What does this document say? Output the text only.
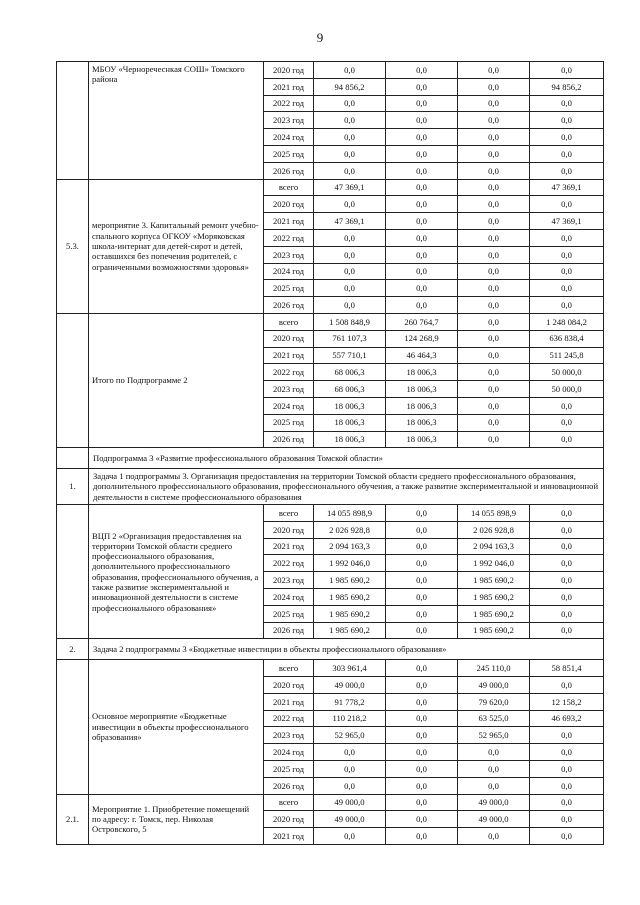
9
	МБОУ «Черноречеснкая СОШ» Томского района	2020 год	0,0	0,0	0,0	0,0
		2021 год	94 856,2	0,0	0,0	94 856,2
		2022 год	0,0	0,0	0,0	0,0
		2023 год	0,0	0,0	0,0	0,0
		2024 год	0,0	0,0	0,0	0,0
		2025 год	0,0	0,0	0,0	0,0
		2026 год	0,0	0,0	0,0	0,0
5.3.	мероприятие 3. Капитальный ремонт учебно-спального корпуса ОГКОУ «Моряковская школа-интернат для детей-сирот и детей, оставшихся без попечения родителей, с ограниченными возможностями здоровья»	всего	47 369,1	0,0	0,0	47 369,1
		2020 год	0,0	0,0	0,0	0,0
		2021 год	47 369,1	0,0	0,0	47 369,1
		2022 год	0,0	0,0	0,0	0,0
		2023 год	0,0	0,0	0,0	0,0
		2024 год	0,0	0,0	0,0	0,0
		2025 год	0,0	0,0	0,0	0,0
		2026 год	0,0	0,0	0,0	0,0
	Итого по Подпрограмме 2	всего	1 508 848,9	260 764,7	0,0	1 248 084,2
		2020 год	761 107,3	124 268,9	0,0	636 838,4
		2021 год	557 710,1	46 464,3	0,0	511 245,8
		2022 год	68 006,3	18 006,3	0,0	50 000,0
		2023 год	68 006,3	18 006,3	0,0	50 000,0
		2024 год	18 006,3	18 006,3	0,0	0,0
		2025 год	18 006,3	18 006,3	0,0	0,0
		2026 год	18 006,3	18 006,3	0,0	0,0
	Подпрограмма 3 «Развитие профессионального образования Томской области»					
1.	Задача 1 подпрограммы 3. Организация предоставления на территории Томской области среднего профессионального образования, дополнительного профессионального образования, профессионального обучения, а также развитие экспериментальной и инновационной деятельности в системе профессионального образования					
	ВЦП 2 «Организация предоставления на территории Томской области среднего профессионального образования, дополнительного профессионального образования, профессионального обучения, а также развитие экспериментальной и инновационной деятельности в системе профессионального образования»	всего	14 055 898,9	0,0	14 055 898,9	0,0
		2020 год	2 026 928,8	0,0	2 026 928,8	0,0
		2021 год	2 094 163,3	0,0	2 094 163,3	0,0
		2022 год	1 992 046,0	0,0	1 992 046,0	0,0
		2023 год	1 985 690,2	0,0	1 985 690,2	0,0
		2024 год	1 985 690,2	0,0	1 985 690,2	0,0
		2025 год	1 985 690,2	0,0	1 985 690,2	0,0
		2026 год	1 985 690,2	0,0	1 985 690,2	0,0
2.	Задача 2 подпрограммы 3 «Бюджетные инвестиции в объекты профессионального образования»					
	Основное мероприятие «Бюджетные инвестиции в объекты профессионального образования»	всего	303 961,4	0,0	245 110,0	58 851,4
		2020 год	49 000,0	0,0	49 000,0	0,0
		2021 год	91 778,2	0,0	79 620,0	12 158,2
		2022 год	110 218,2	0,0	63 525,0	46 693,2
		2023 год	52 965,0	0,0	52 965,0	0,0
		2024 год	0,0	0,0	0,0	0,0
		2025 год	0,0	0,0	0,0	0,0
		2026 год	0,0	0,0	0,0	0,0
2.1.	Мероприятие 1. Приобретение помещений по адресу: г. Томск, пер. Николая Островского, 5	всего	49 000,0	0,0	49 000,0	0,0
		2020 год	49 000,0	0,0	49 000,0	0,0
		2021 год	0,0	0,0	0,0	0,0
